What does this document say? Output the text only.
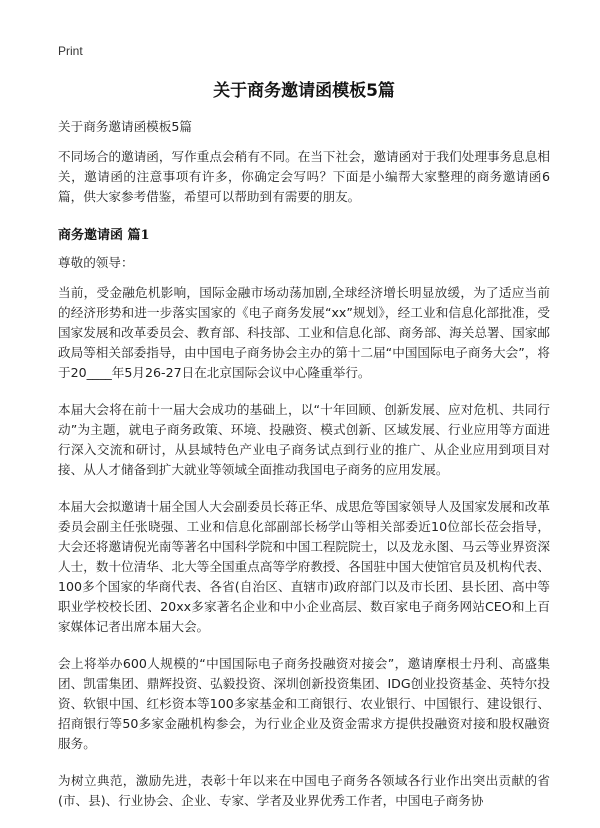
Print
关于商务邀请函模板5篇

关于商务邀请函模板5篇

不同场合的邀请函，写作重点会稍有不同。在当下社会，邀请函对于我们处理事务息息相关，邀请函的注意事项有许多，你确定会写吗？下面是小编帮大家整理的商务邀请函6篇，供大家参考借鉴，希望可以帮助到有需要的朋友。

商务邀请函 篇1

尊敬的领导：

当前，受金融危机影响，国际金融市场动荡加剧,全球经济增长明显放缓，为了适应当前的经济形势和进一步落实国家的《电子商务发展“xx”规划》，经工业和信息化部批准，受国家发展和改革委员会、教育部、科技部、工业和信息化部、商务部、海关总署、国家邮政局等相关部委指导，由中国电子商务协会主办的第十二届“中国国际电子商务大会”，将于20____年5月26-27日在北京国际会议中心隆重举行。

本届大会将在前十一届大会成功的基础上，以“十年回顾、创新发展、应对危机、共同行动”为主题，就电子商务政策、环境、投融资、模式创新、区域发展、行业应用等方面进行深入交流和研讨，从县域特色产业电子商务试点到行业的推广、从企业应用到项目对接、从人才储备到扩大就业等领域全面推动我国电子商务的应用发展。

本届大会拟邀请十届全国人大会副委员长蒋正华、成思危等国家领导人及国家发展和改革委员会副主任张晓强、工业和信息化部副部长杨学山等相关部委近10位部长莅会指导，大会还将邀请倪光南等著名中国科学院和中国工程院院士，以及龙永图、马云等业界资深人士，数十位清华、北大等全国重点高等学府教授、各国驻中国大使馆官员及机构代表、100多个国家的华商代表、各省(自治区、直辖市)政府部门以及市长团、县长团、高中等职业学校校长团、20xx多家著名企业和中小企业高层、数百家电子商务网站CEO和上百家媒体记者出席本届大会。

会上将举办600人规模的“中国国际电子商务投融资对接会”，邀请摩根士丹利、高盛集团、凯雷集团、鼎辉投资、弘毅投资、深圳创新投资集团、IDG创业投资基金、英特尔投资、软银中国、红杉资本等100多家基金和工商银行、农业银行、中国银行、建设银行、招商银行等50多家金融机构参会，为行业企业及资金需求方提供投融资对接和股权融资服务。

为树立典范，激励先进，表彰十年以来在中国电子商务各领域各行业作出突出贡献的省(市、县)、行业协会、企业、专家、学者及业界优秀工作者，中国电子商务协
